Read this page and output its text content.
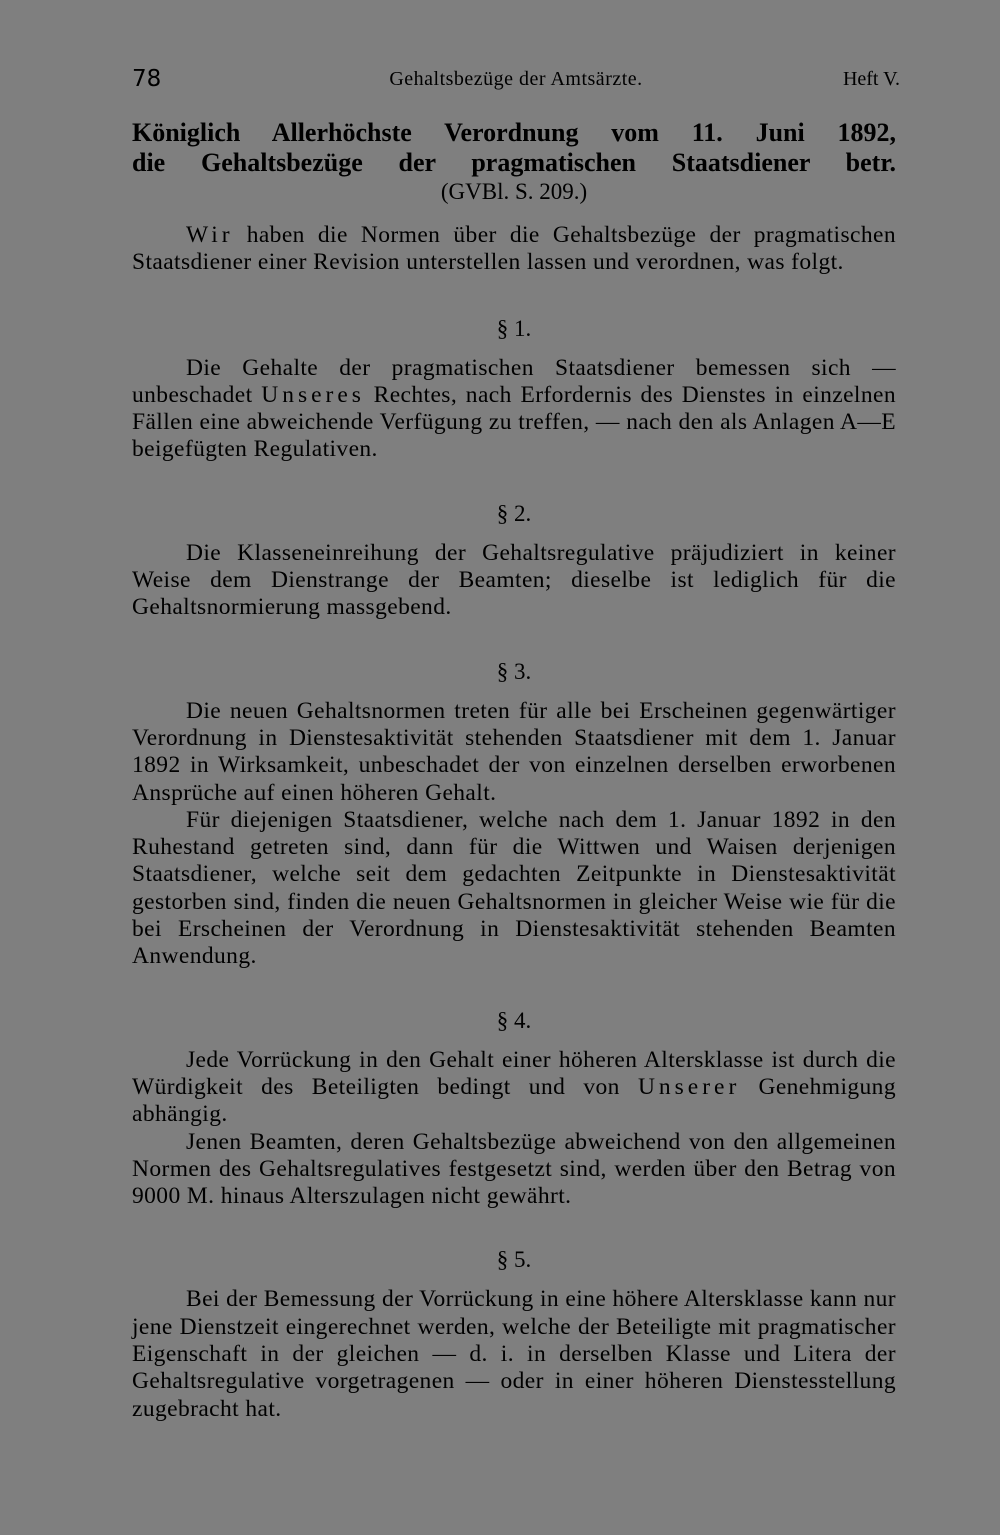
78	Gehaltsbezüge der Amtsärzte.	Heft V.
Königlich Allerhöchste Verordnung vom 11. Juni 1892,
die Gehaltsbezüge der pragmatischen Staatsdiener betr.
(GVBl. S. 209.)

Wir haben die Normen über die Gehaltsbezüge der pragmatischen Staatsdiener einer Revision unterstellen lassen und verordnen, was folgt.

§ 1.

Die Gehalte der pragmatischen Staatsdiener bemessen sich — unbeschadet Unseres Rechtes, nach Erfordernis des Dienstes in einzelnen Fällen eine abweichende Verfügung zu treffen, — nach den als Anlagen A—E beigefügten Regulativen.

§ 2.

Die Klasseneinreihung der Gehaltsregulative präjudiziert in keiner Weise dem Dienstrange der Beamten; dieselbe ist lediglich für die Gehaltsnormierung massgebend.

§ 3.

Die neuen Gehaltsnormen treten für alle bei Erscheinen gegenwärtiger Verordnung in Dienstesaktivität stehenden Staatsdiener mit dem 1. Januar 1892 in Wirksamkeit, unbeschadet der von einzelnen derselben erworbenen Ansprüche auf einen höheren Gehalt.

Für diejenigen Staatsdiener, welche nach dem 1. Januar 1892 in den Ruhestand getreten sind, dann für die Wittwen und Waisen derjenigen Staatsdiener, welche seit dem gedachten Zeitpunkte in Dienstesaktivität gestorben sind, finden die neuen Gehaltsnormen in gleicher Weise wie für die bei Erscheinen der Verordnung in Dienstesaktivität stehenden Beamten Anwendung.

§ 4.

Jede Vorrückung in den Gehalt einer höheren Altersklasse ist durch die Würdigkeit des Beteiligten bedingt und von Unserer Genehmigung abhängig.

Jenen Beamten, deren Gehaltsbezüge abweichend von den allgemeinen Normen des Gehaltsregulatives festgesetzt sind, werden über den Betrag von 9000 M. hinaus Alterszulagen nicht gewährt.

§ 5.

Bei der Bemessung der Vorrückung in eine höhere Altersklasse kann nur jene Dienstzeit eingerechnet werden, welche der Beteiligte mit pragmatischer Eigenschaft in der gleichen — d. i. in derselben Klasse und Litera der Gehaltsregulative vorgetragenen — oder in einer höheren Dienstesstellung zugebracht hat.
